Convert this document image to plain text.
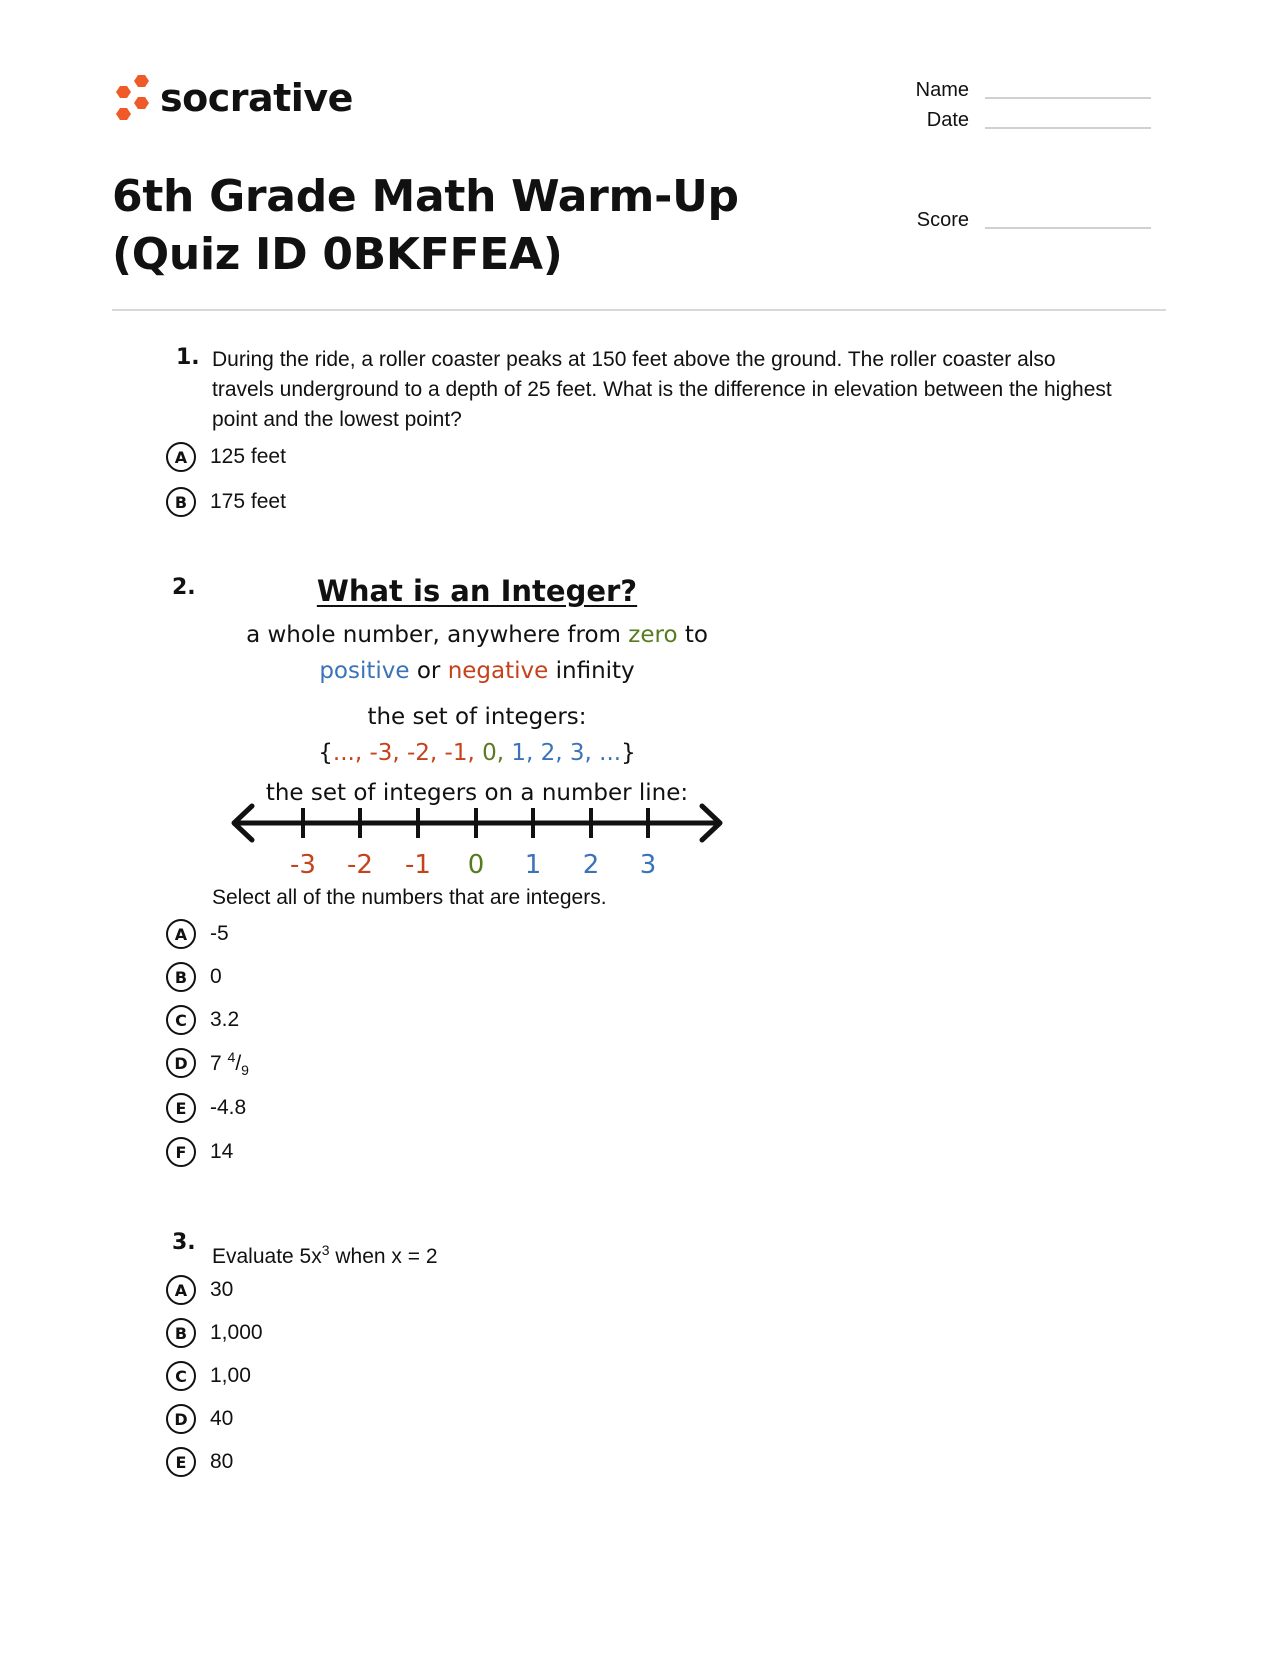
socrative	Name
Date
Score
6th Grade Math Warm-Up (Quiz ID 0BKFFEA)
1. During the ride, a roller coaster peaks at 150 feet above the ground. The roller coaster also travels underground to a depth of 25 feet. What is the difference in elevation between the highest point and the lowest point?
A	125 feet
B	175 feet
2.	What is an Integer?
a whole number, anywhere from zero to
positive or negative infinity
the set of integers:
{..., -3, -2, -1, 0, 1, 2, 3, ...}
the set of integers on a number line:
-3 -2 -1	0	1	2	3
Select all of the numbers that are integers.
A	-5
B	0
C	3.2
D	7 $^4/_9$
E	-4.8
F	14
3.
Evaluate $5x^3$ when x = 2
A	30
B	1,000
C	1,00
D	40
E	80
